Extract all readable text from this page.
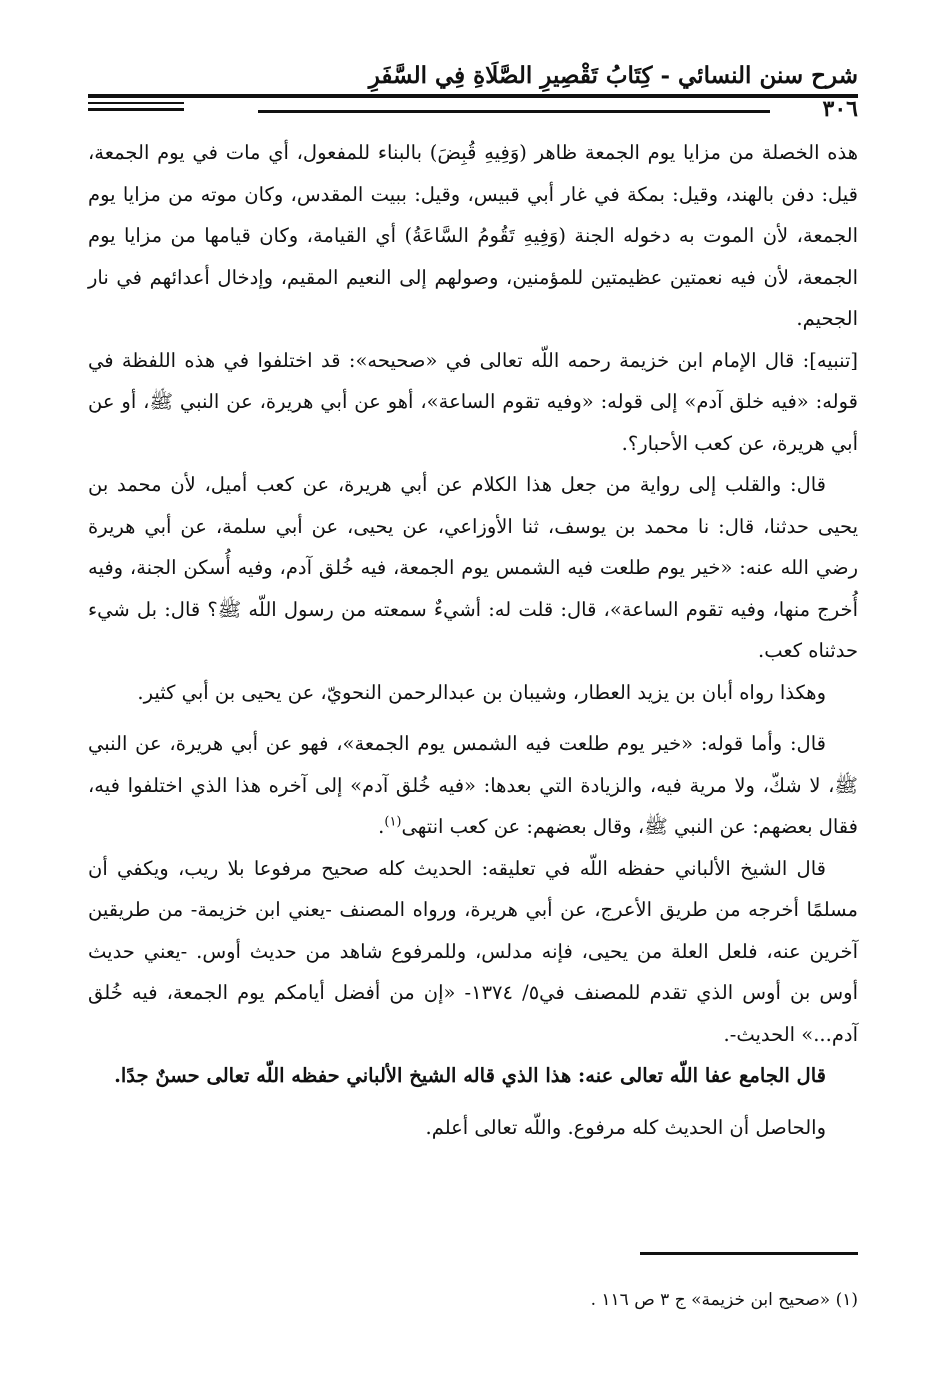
شرح سنن النسائي - كِتَابُ تَقْصِيرِ الصَّلَاةِ فِي السَّفَرِ
٣٠٦

هذه الخصلة من مزايا يوم الجمعة ظاهر (وَفِيهِ قُبِضَ) بالبناء للمفعول، أي مات في يوم الجمعة، قيل: دفن بالهند، وقيل: بمكة في غار أبي قبيس، وقيل: ببيت المقدس، وكان موته من مزايا يوم الجمعة، لأن الموت به دخوله الجنة (وَفِيهِ تَقُومُ السَّاعَةُ) أي القيامة، وكان قيامها من مزايا يوم الجمعة، لأن فيه نعمتين عظيمتين للمؤمنين، وصولهم إلى النعيم المقيم، وإدخال أعدائهم في نار الجحيم.

[تنبيه]: قال الإمام ابن خزيمة رحمه اللّه تعالى في «صحيحه»: قد اختلفوا في هذه اللفظة في قوله: «فيه خلق آدم» إلى قوله: «وفيه تقوم الساعة»، أهو عن أبي هريرة، عن النبي ﷺ، أو عن أبي هريرة، عن كعب الأحبار؟.

قال: والقلب إلى رواية من جعل هذا الكلام عن أبي هريرة، عن كعب أميل، لأن محمد بن يحيى حدثنا، قال: نا محمد بن يوسف، ثنا الأوزاعي، عن يحيى، عن أبي سلمة، عن أبي هريرة رضي الله عنه: «خير يوم طلعت فيه الشمس يوم الجمعة، فيه خُلق آدم، وفيه أُسكن الجنة، وفيه أُخرج منها، وفيه تقوم الساعة»، قال: قلت له: أشيءٌ سمعته من رسول اللّه ﷺ؟ قال: بل شيء حدثناه كعب.

وهكذا رواه أبان بن يزيد العطار، وشيبان بن عبدالرحمن النحويّ، عن يحيى بن أبي كثير.

قال: وأما قوله: «خير يوم طلعت فيه الشمس يوم الجمعة»، فهو عن أبي هريرة، عن النبي ﷺ، لا شكّ، ولا مرية فيه، والزيادة التي بعدها: «فيه خُلق آدم» إلى آخره هذا الذي اختلفوا فيه، فقال بعضهم: عن النبي ﷺ، وقال بعضهم: عن كعب انتهى$^{(١)}$.

قال الشيخ الألباني حفظه اللّه في تعليقه: الحديث كله صحيح مرفوعا بلا ريب، ويكفي أن مسلمًا أخرجه من طريق الأعرج، عن أبي هريرة، ورواه المصنف -يعني ابن خزيمة- من طريقين آخرين عنه، فلعل العلة من يحيى، فإنه مدلس، وللمرفوع شاهد من حديث أوس. -يعني حديث أوس بن أوس الذي تقدم للمصنف في٥/ ١٣٧٤- «إن من أفضل أيامكم يوم الجمعة، فيه خُلق آدم...» الحديث-.

قال الجامع عفا اللّه تعالى عنه: هذا الذي قاله الشيخ الألباني حفظه اللّه تعالى حسنٌ جدًا.

والحاصل أن الحديث كله مرفوع. واللّه تعالى أعلم.

(١) «صحيح ابن خزيمة» ج ٣ ص ١١٦ .
